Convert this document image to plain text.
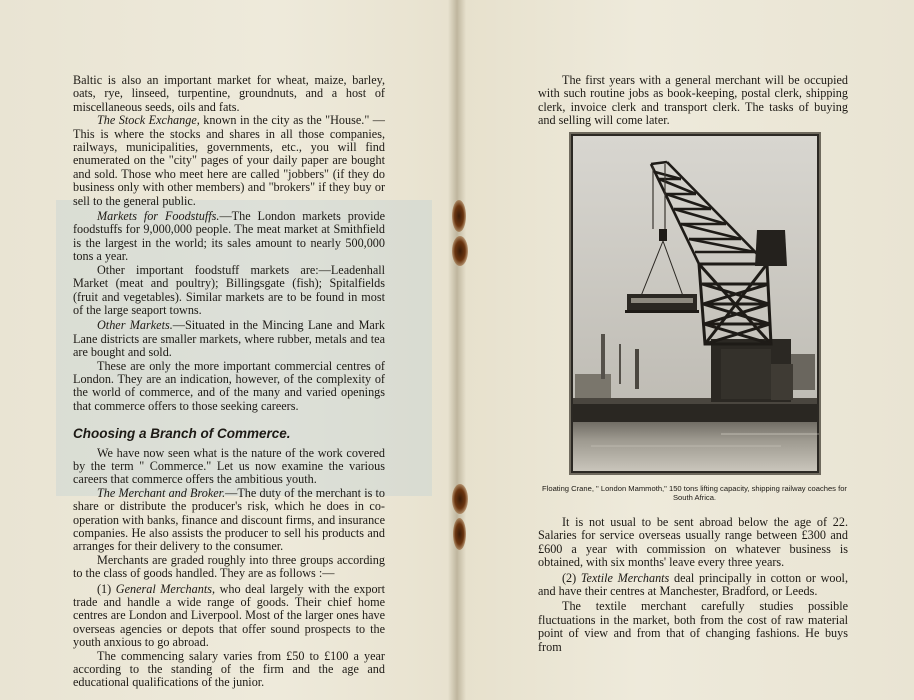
Baltic is also an important market for wheat, maize, barley, oats, rye, linseed, turpentine, groundnuts, and a host of miscellaneous seeds, oils and fats.

The Stock Exchange, known in the city as the "House." —This is where the stocks and shares in all those companies, railways, municipalities, governments, etc., you will find enumerated on the "city" pages of your daily paper are bought and sold. Those who meet here are called "jobbers" (if they do business only with other members) and "brokers" if they buy or sell to the general public.

Markets for Foodstuffs.—The London markets provide foodstuffs for 9,000,000 people. The meat market at Smithfield is the largest in the world; its sales amount to nearly 500,000 tons a year.

Other important foodstuff markets are:—Leadenhall Market (meat and poultry); Billingsgate (fish); Spitalfields (fruit and vegetables). Similar markets are to be found in most of the large seaport towns.

Other Markets.—Situated in the Mincing Lane and Mark Lane districts are smaller markets, where rubber, metals and tea are bought and sold.

These are only the more important commercial centres of London. They are an indication, however, of the complexity of the world of commerce, and of the many and varied openings that commerce offers to those seeking careers.

Choosing a Branch of Commerce.

We have now seen what is the nature of the work covered by the term " Commerce." Let us now examine the various careers that commerce offers the ambitious youth.

The Merchant and Broker.—The duty of the merchant is to share or distribute the producer's risk, which he does in co-operation with banks, finance and discount firms, and insurance companies. He also assists the producer to sell his products and arranges for their delivery to the consumer.

Merchants are graded roughly into three groups according to the class of goods handled. They are as follows :—

(1) General Merchants, who deal largely with the export trade and handle a wide range of goods. Their chief home centres are London and Liverpool. Most of the larger ones have overseas agencies or depots that offer sound prospects to the youth anxious to go abroad.

The commencing salary varies from £50 to £100 a year according to the standing of the firm and the age and educational qualifications of the junior.

The first years with a general merchant will be occupied with such routine jobs as book-keeping, postal clerk, shipping clerk, invoice clerk and transport clerk. The tasks of buying and selling will come later.

Floating Crane, " London Mammoth," 150 tons lifting capacity, shipping railway coaches for South Africa.

It is not usual to be sent abroad below the age of 22. Salaries for service overseas usually range between £300 and £600 a year with commission on whatever business is obtained, with six months' leave every three years.

(2) Textile Merchants deal principally in cotton or wool, and have their centres at Manchester, Bradford, or Leeds.

The textile merchant carefully studies possible fluctuations in the market, both from the cost of raw material point of view and from that of changing fashions. He buys from
